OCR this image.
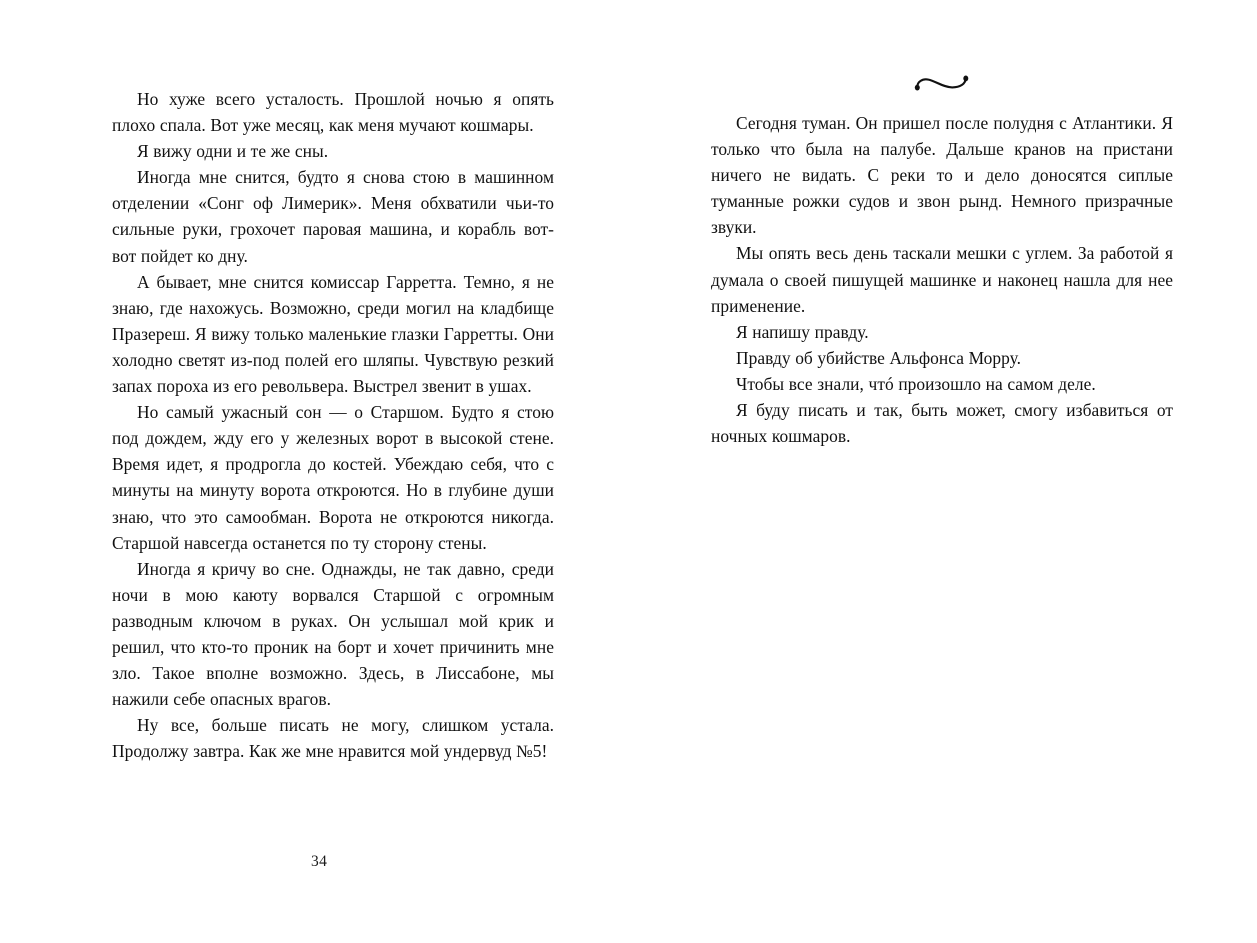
Но хуже всего усталость. Прошлой ночью я опять плохо спала. Вот уже месяц, как меня мучают кошмары.

Я вижу одни и те же сны.

Иногда мне снится, будто я снова стою в машинном отделении «Сонг оф Лимерик». Меня обхватили чьи-то сильные руки, грохочет паровая машина, и корабль вот-вот пойдет ко дну.

А бывает, мне снится комиссар Гарретта. Темно, я не знаю, где нахожусь. Возможно, среди могил на кладбище Празереш. Я вижу только маленькие глазки Гарретты. Они холодно светят из-под полей его шляпы. Чувствую резкий запах пороха из его револьвера. Выстрел звенит в ушах.

Но самый ужасный сон — о Старшом. Будто я стою под дождем, жду его у железных ворот в высокой стене. Время идет, я продрогла до костей. Убеждаю себя, что с минуты на минуту ворота откроются. Но в глубине души знаю, что это самообман. Ворота не откроются никогда. Старшой навсегда останется по ту сторону стены.

Иногда я кричу во сне. Однажды, не так давно, среди ночи в мою каюту ворвался Старшой с огромным разводным ключом в руках. Он услышал мой крик и решил, что кто-то проник на борт и хочет причинить мне зло. Такое вполне возможно. Здесь, в Лиссабоне, мы нажили себе опасных врагов.

Ну все, больше писать не могу, слишком устала. Продолжу завтра. Как же мне нравится мой ундервуд №5!

34

Сегодня туман. Он пришел после полудня с Атлантики. Я только что была на палубе. Дальше кранов на пристани ничего не видать. С реки то и дело доносятся сиплые туманные рожки судов и звон рынд. Немного призрачные звуки.

Мы опять весь день таскали мешки с углем. За работой я думала о своей пишущей машинке и наконец нашла для нее применение.

Я напишу правду.

Правду об убийстве Альфонса Морру.

Чтобы все знали, чтó произошло на самом деле.

Я буду писать и так, быть может, смогу избавиться от ночных кошмаров.
